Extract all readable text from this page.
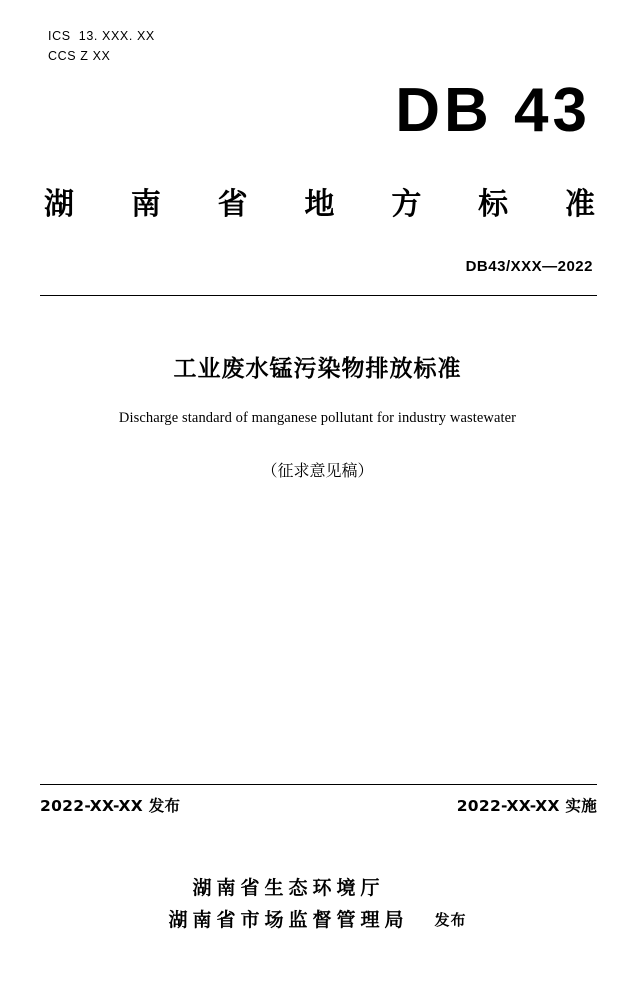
ICS  13. XXX. XX
CCS Z XX
DB 43
湖 南 省 地 方 标 准
DB43/XXX—2022
工业废水锰污染物排放标准
Discharge standard of manganese pollutant for industry wastewater
（征求意见稿）
2022-XX-XX 发布	2022-XX-XX 实施
湖南省生态环境厅
湖南省市场监督管理局 发布
